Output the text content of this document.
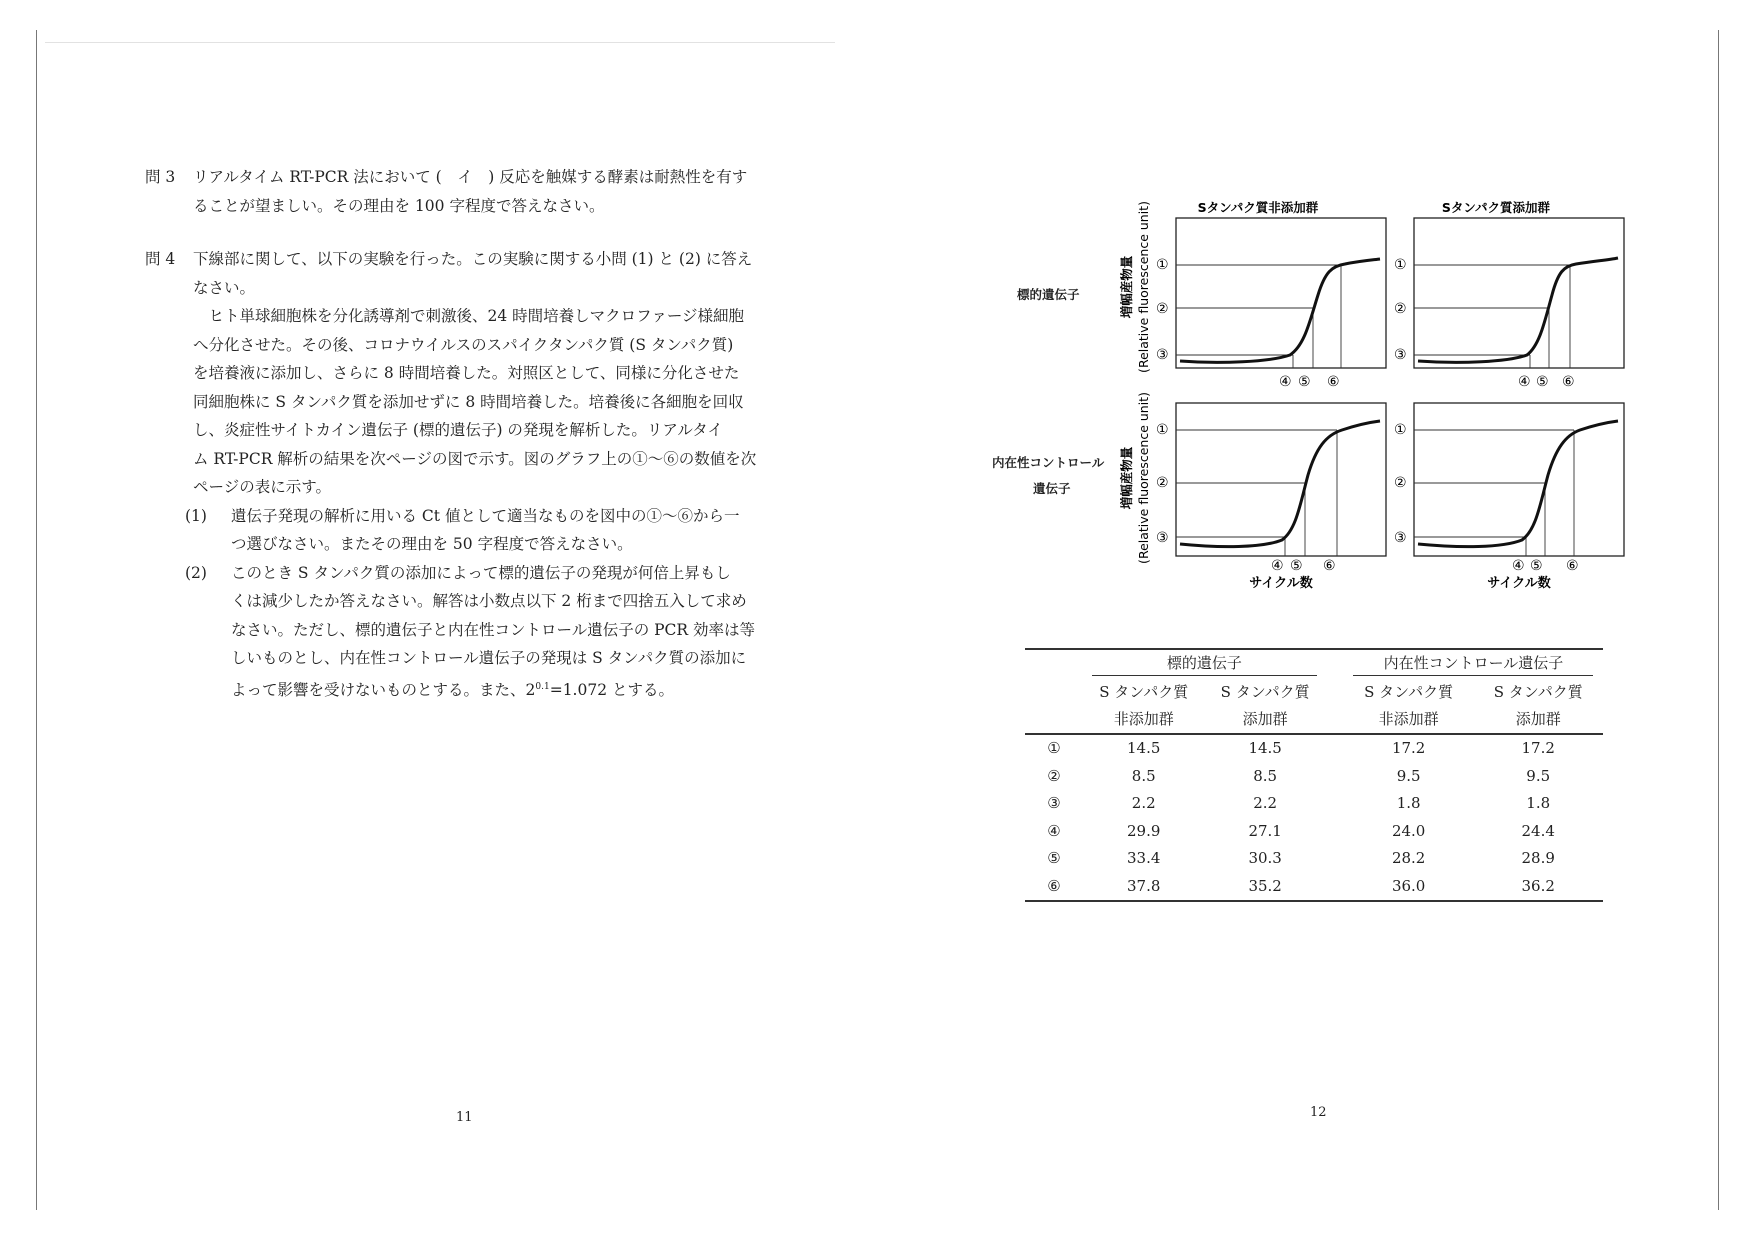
問 3 リアルタイム RT-PCR 法において (　イ　) 反応を触媒する酵素は耐熱性を有す
ることが望ましい。その理由を 100 字程度で答えなさい。
問 4 下線部に関して、以下の実験を行った。この実験に関する小問 (1) と (2) に答え
なさい。
ヒト単球細胞株を分化誘導剤で刺激後、24 時間培養しマクロファージ様細胞
へ分化させた。その後、コロナウイルスのスパイクタンパク質 (S タンパク質)
を培養液に添加し、さらに 8 時間培養した。対照区として、同様に分化させた
同細胞株に S タンパク質を添加せずに 8 時間培養した。培養後に各細胞を回収
し、炎症性サイトカイン遺伝子 (標的遺伝子) の発現を解析した。リアルタイ
ム RT-PCR 解析の結果を次ページの図で示す。図のグラフ上の①～⑥の数値を次
ページの表に示す。
(1) 遺伝子発現の解析に用いる Ct 値として適当なものを図中の①～⑥から一
つ選びなさい。またその理由を 50 字程度で答えなさい。
(2) このとき S タンパク質の添加によって標的遺伝子の発現が何倍上昇もし
くは減少したか答えなさい。解答は小数点以下 2 桁まで四捨五入して求め
なさい。ただし、標的遺伝子と内在性コントロール遺伝子の PCR 効率は等
しいものとし、内在性コントロール遺伝子の発現は S タンパク質の添加に
よって影響を受けないものとする。また、$2^{0.1}=1.072$ とする。
11
標的遺伝子
内在性コントロール
遺伝子
Sタンパク質非添加群	Sタンパク質添加群
増幅産物量 (Relative fluorescence unit)
増幅産物量 (Relative fluorescence unit)
①
②
③
④ ⑤ ⑥
①
②
③
④ ⑤ ⑥
①
②
③
④ ⑤ ⑥
サイクル数
①
②
③
④ ⑤ ⑥
サイクル数
	標的遺伝子			内在性コントロール遺伝子	
	S タンパク質	S タンパク質		S タンパク質	S タンパク質
	非添加群	添加群		非添加群	添加群
①	14.5	14.5		17.2	17.2
②	8.5	8.5		9.5	9.5
③	2.2	2.2		1.8	1.8
④	29.9	27.1		24.0	24.4
⑤	33.4	30.3		28.2	28.9
⑥	37.8	35.2		36.0	36.2
12
